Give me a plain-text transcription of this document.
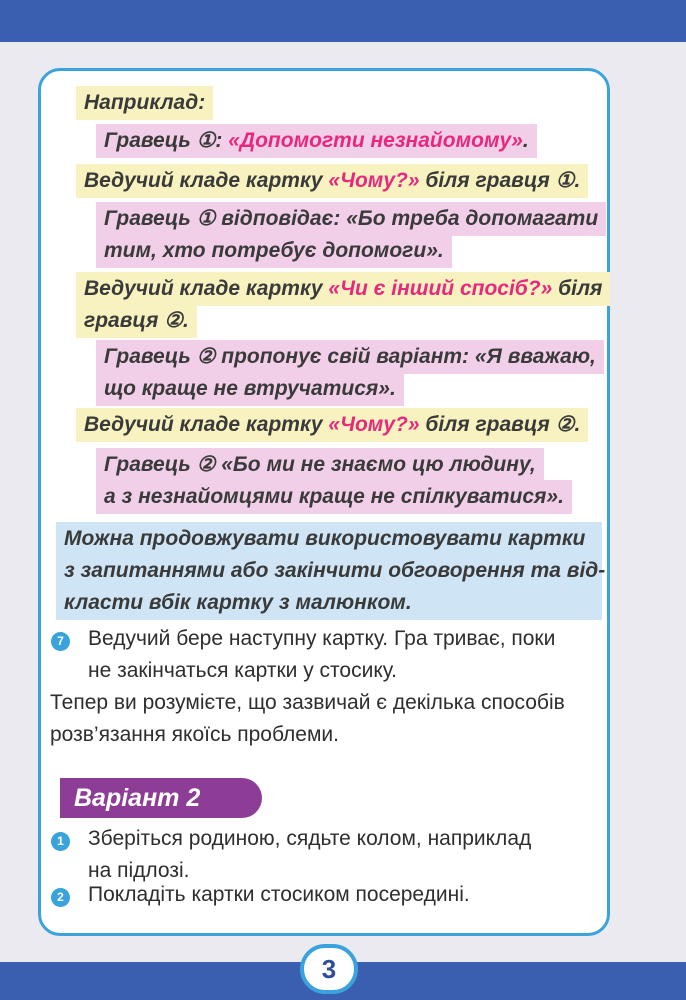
Наприклад:
Гравець ①: «Допомогти незнайомому».
Ведучий кладе картку «Чому?» біля гравця ①.
Гравець ① відповідає: «Бо треба допомагати
тим, хто потребує допомоги».
Ведучий кладе картку «Чи є інший спосіб?» біля
гравця ②.
Гравець ② пропонує свій варіант: «Я вважаю,
що краще не втручатися».
Ведучий кладе картку «Чому?» біля гравця ②.
Гравець ② «Бо ми не знаємо цю людину,
а з незнайомцями краще не спілкуватися».
Можна продовжувати використовувати картки
з запитаннями або закінчити обговорення та від-
класти вбік картку з малюнком.
7 Ведучий бере наступну картку. Гра триває, поки
не закінчаться картки у стосику.
Тепер ви розумієте, що зазвичай є декілька способів
розв’язання якоїсь проблеми.
Варіант 2
1 Зберіться родиною, сядьте колом, наприклад
на підлозі.
2 Покладіть картки стосиком посередині.
3
